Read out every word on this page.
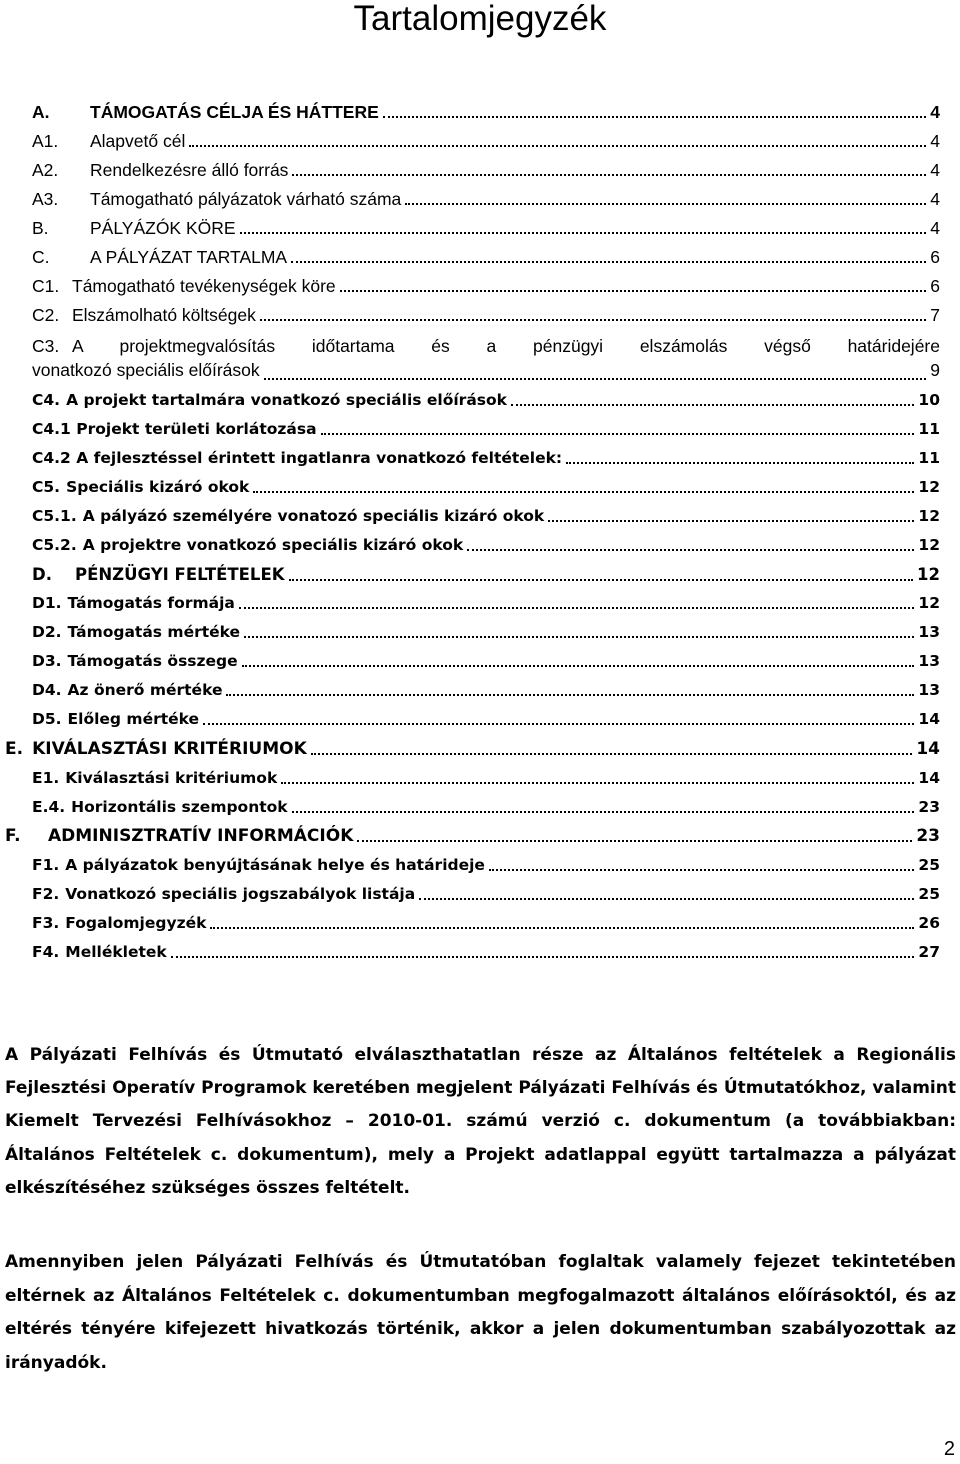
Tartalomjegyzék
A.	TÁMOGATÁS CÉLJA ÉS HÁTTERE	4
A1.	Alapvető cél	4
A2.	Rendelkezésre álló forrás	4
A3.	Támogatható pályázatok várható száma	4
B.	PÁLYÁZÓK KÖRE	4
C.	A PÁLYÁZAT TARTALMA	6
C1. Támogatható tevékenységek köre	6
C2. Elszámolható költségek	7
C3. A projektmegvalósítás időtartama és a pénzügyi elszámolás végső határidejére
vonatkozó speciális előírások	9
C4. A projekt tartalmára vonatkozó speciális előírások	10
C4.1 Projekt területi korlátozása	11
C4.2 A fejlesztéssel érintett ingatlanra vonatkozó feltételek:	11
C5. Speciális kizáró okok	12
C5.1. A pályázó személyére vonatozó speciális kizáró okok	12
C5.2. A projektre vonatkozó speciális kizáró okok	12
D.	PÉNZÜGYI FELTÉTELEK	12
D1. Támogatás formája	12
D2. Támogatás mértéke	13
D3. Támogatás összege	13
D4. Az önerő mértéke	13
D5. Előleg mértéke	14
E. KIVÁLASZTÁSI KRITÉRIUMOK	14
E1. Kiválasztási kritériumok	14
E.4. Horizontális szempontok	23
F.	ADMINISZTRATÍV INFORMÁCIÓK	23
F1. A pályázatok benyújtásának helye és határideje	25
F2. Vonatkozó speciális jogszabályok listája	25
F3. Fogalomjegyzék	26
F4. Mellékletek	27

A Pályázati Felhívás és Útmutató elválaszthatatlan része az Általános feltételek a Regionális Fejlesztési Operatív Programok keretében megjelent Pályázati Felhívás és Útmutatókhoz, valamint Kiemelt Tervezési Felhívásokhoz – 2010-01. számú verzió c. dokumentum (a továbbiakban: Általános Feltételek c. dokumentum), mely a Projekt adatlappal együtt tartalmazza a pályázat elkészítéséhez szükséges összes feltételt.

Amennyiben jelen Pályázati Felhívás és Útmutatóban foglaltak valamely fejezet tekintetében eltérnek az Általános Feltételek c. dokumentumban megfogalmazott általános előírásoktól, és az eltérés tényére kifejezett hivatkozás történik, akkor a jelen dokumentumban szabályozottak az irányadók.

2
